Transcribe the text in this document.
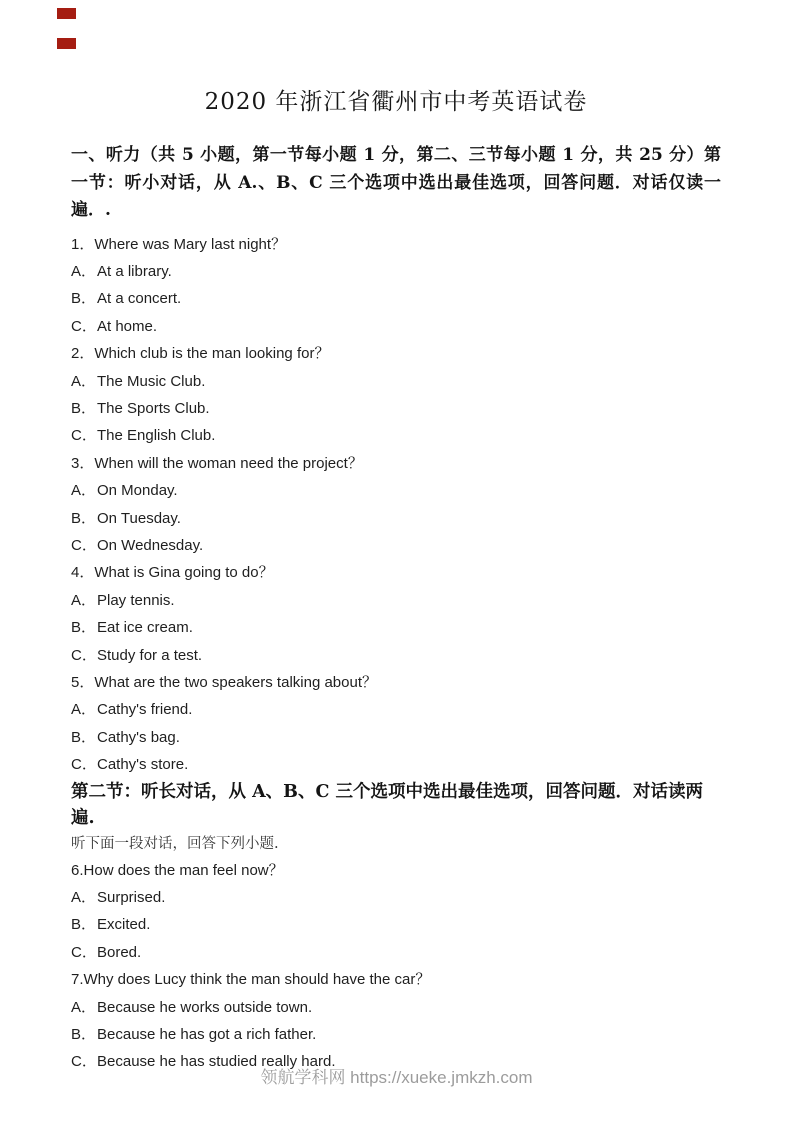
2020 年浙江省衢州市中考英语试卷

一、听力（共 5 小题，第一节每小题 1 分，第二、三节每小题 1 分，共 25 分）第一节：听小对话，从 A.、B、C 三个选项中选出最佳选项，回答问题．对话仅读一遍．.

1．Where was Mary last night？

A．At a library.

B．At a concert.

C．At home.

2．Which club is the man looking for？

A．The Music Club.

B．The Sports Club.

C．The English Club.

3．When will the woman need the project？

A．On Monday.

B．On Tuesday.

C．On Wednesday.

4．What is Gina going to do？

A．Play tennis.

B．Eat ice cream.

C．Study for a test.

5．What are the two speakers talking about？

A．Cathy's friend.

B．Cathy's bag.

C．Cathy's store.

第二节：听长对话，从 A、B、C 三个选项中选出最佳选项，回答问题．对话读两遍.

听下面一段对话，回答下列小题.

6.How does the man feel now？

A．Surprised.

B．Excited.

C．Bored.

7.Why does Lucy think the man should have the car？

A．Because he works outside town.

B．Because he has got a rich father.

C．Because he has studied really hard.

领航学科网 https://xueke.jmkzh.com
